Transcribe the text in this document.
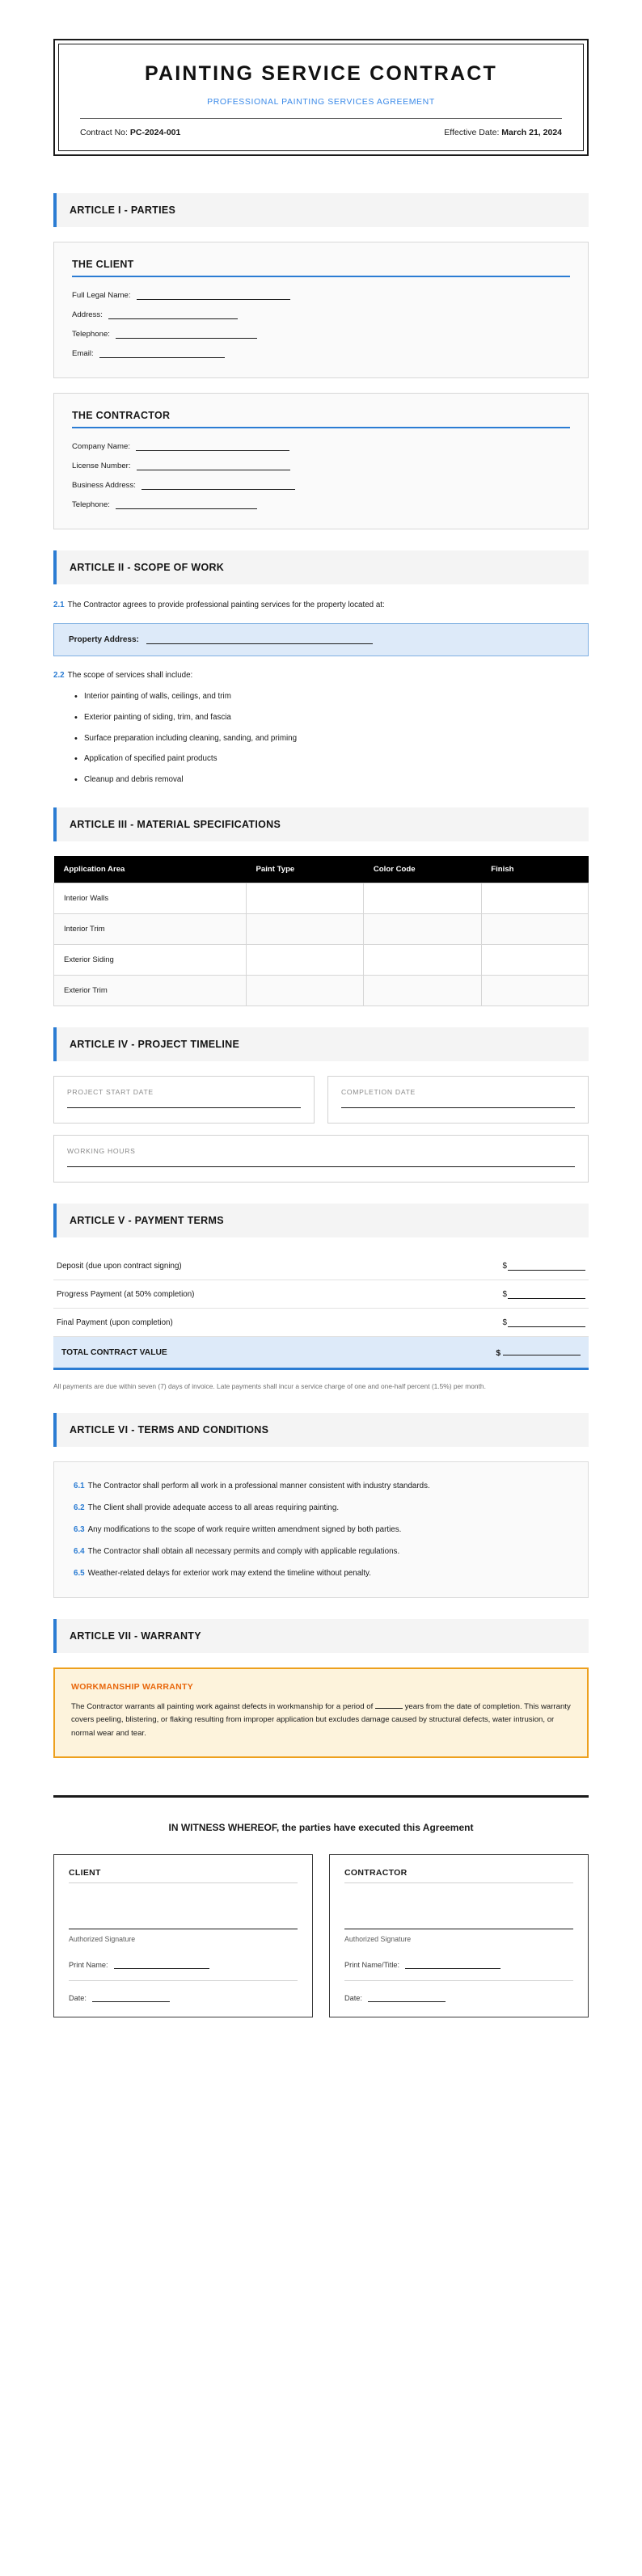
PAINTING SERVICE CONTRACT
PROFESSIONAL PAINTING SERVICES AGREEMENT
Contract No: PC-2024-001	Effective Date: March 21, 2024
ARTICLE I - PARTIES
THE CLIENT
Full Legal Name:
Address:
Telephone:
Email:
THE CONTRACTOR
Company Name:
License Number:
Business Address:
Telephone:
ARTICLE II - SCOPE OF WORK

2.1 The Contractor agrees to provide professional painting services for the property located at:

Property Address:

2.2 The scope of services shall include:

• Interior painting of walls, ceilings, and trim
• Exterior painting of siding, trim, and fascia
• Surface preparation including cleaning, sanding, and priming
• Application of specified paint products
• Cleanup and debris removal
ARTICLE III - MATERIAL SPECIFICATIONS
Application Area	Paint Type	Color Code	Finish
Interior Walls			
Interior Trim			
Exterior Siding			
Exterior Trim			
ARTICLE IV - PROJECT TIMELINE
PROJECT START DATE	COMPLETION DATE
WORKING HOURS
ARTICLE V - PAYMENT TERMS
Deposit (due upon contract signing)	$
Progress Payment (at 50% completion)	$
Final Payment (upon completion)	$
TOTAL CONTRACT VALUE	$
All payments are due within seven (7) days of invoice. Late payments shall incur a service charge of one and one-half percent (1.5%) per month.
ARTICLE VI - TERMS AND CONDITIONS

6.1 The Contractor shall perform all work in a professional manner consistent with industry standards.

6.2 The Client shall provide adequate access to all areas requiring painting.

6.3 Any modifications to the scope of work require written amendment signed by both parties.

6.4 The Contractor shall obtain all necessary permits and comply with applicable regulations.

6.5 Weather-related delays for exterior work may extend the timeline without penalty.

ARTICLE VII - WARRANTY
WORKMANSHIP WARRANTY

The Contractor warrants all painting work against defects in workmanship for a period of	years from the date of completion. This warranty covers peeling, blistering, or flaking resulting from improper application but excludes damage caused by structural defects, water intrusion, or normal wear and tear.

IN WITNESS WHEREOF, the parties have executed this Agreement
CLIENT
Authorized Signature
Print Name:
Date:
CONTRACTOR
Authorized Signature
Print Name/Title:
Date:
